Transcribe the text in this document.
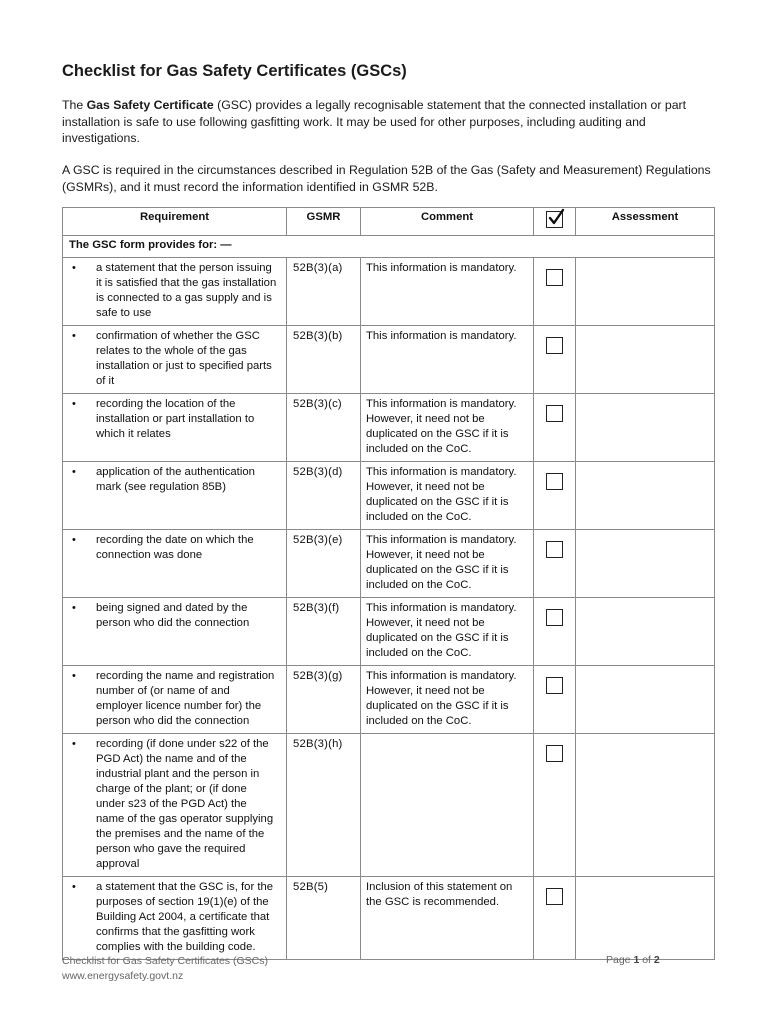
Checklist for Gas Safety Certificates (GSCs)

The Gas Safety Certificate (GSC) provides a legally recognisable statement that the connected installation or part installation is safe to use following gasfitting work. It may be used for other purposes, including auditing and investigations.

A GSC is required in the circumstances described in Regulation 52B of the Gas (Safety and Measurement) Regulations (GSMRs), and it must record the information identified in GSMR 52B.

Requirement	GSMR	Comment		Assessment
The GSC form provides for: —				

• a statement that the person issuing it is satisfied that the gas installation is connected to a gas supply and is safe to use	52B(3)(a)	This information is mandatory.	

• confirmation of whether the GSC relates to the whole of the gas installation or just to specified parts of it	52B(3)(b)	This information is mandatory.	

• recording the location of the installation or part installation to which it relates	52B(3)(c)	This information is mandatory. However, it need not be duplicated on the GSC if it is included on the CoC.	

• application of the authentication mark (see regulation 85B)	52B(3)(d)	This information is mandatory. However, it need not be duplicated on the GSC if it is included on the CoC.	

• recording the date on which the connection was done	52B(3)(e)	This information is mandatory. However, it need not be duplicated on the GSC if it is included on the CoC.	

• being signed and dated by the person who did the connection	52B(3)(f)	This information is mandatory. However, it need not be duplicated on the GSC if it is included on the CoC.	

• recording the name and registration number of (or name of and employer licence number for) the person who did the connection	52B(3)(g)	This information is mandatory. However, it need not be duplicated on the GSC if it is included on the CoC.	

• recording (if done under s22 of the PGD Act) the name and of the industrial plant and the person in charge of the plant; or (if done under s23 of the PGD Act) the name of the gas operator supplying the premises and the name of the person who gave the required approval	52B(3)(h)		

• a statement that the GSC is, for the purposes of section 19(1)(e) of the Building Act 2004, a certificate that confirms that the gasfitting work complies with the building code.	52B(5)	Inclusion of this statement on the GSC is recommended.	

Checklist for Gas Safety Certificates (GSCs)
www.energysafety.govt.nz
Page 1 of 2
